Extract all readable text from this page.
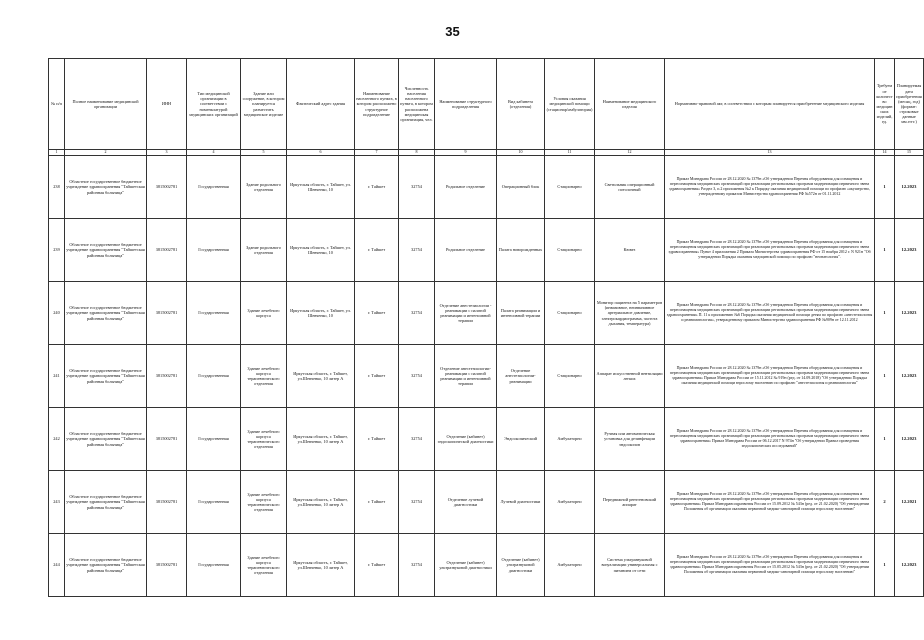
35
№ п/п	Полное наименование медицинской организации	ИНН	Тип медицинской организации в соответствии с номенклатурой медицинских организаций	Здание или сооружение, в котором планируется разместить медицинское изделие	Фактический адрес здания	Наименование населенного пункта, в котором расположено структурное подразделение	Численность населения населенного пункта, в котором расположена медицинская организация, чел.	Наименование структурного подразделения	Вид кабинета (отделения)	Условия оказания медицинской помощи (стационар/амбулатория)	Наименование медицинского изделия	Нормативно-правовой акт, в соответствии с которым планируется приобретение медицинского изделия	Требуемое количество медицинских изделий, ед.	Планируемая дата приобретения (месяц, год) (формат: строковые данные мм.гггг.)
1	2	3	4	5	6	7	8	9	10	11	12	13	14	15
238	Областное государственное бюджетное учреждение здравоохранения "Тайшетская районная больница"	3815002781	Государственная	Здание родильного отделения	Иркутская область, г. Тайшет, ул. Шевченко, 10	г. Тайшет	32754	Родильное отделение	Операционный блок	Стационарно	Светильник операционный потолочный	Приказ Минздрава России от 28.12.2020 № 1379н «Об утверждении Перечня оборудования для оснащения и переоснащения медицинских организаций при реализации региональных программ модернизации первичного звена здравоохранения» Раздел 3, п.2 приложения №2 к Порядку оказания медицинской помощи по профилю «акушерство, утвержденному приказом Министерства здравоохранения РФ №572н от 01.11.2012	1	12.2023
239	Областное государственное бюджетное учреждение здравоохранения "Тайшетская районная больница"	3815002781	Государственная	Здание родильного отделения	Иркутская область, г. Тайшет, ул. Шевченко, 10	г. Тайшет	32754	Родильное отделение	Палата новорожденных	Стационарно	Кювез	Приказ Минздрава России от 28.12.2020 № 1379н «Об утверждении Перечня оборудования для оснащения и переоснащения медицинских организаций при реализации региональных программ модернизации первичного звена здравоохранения» Пункт 4 приложения 2 Приказа Министерства здравоохранения РФ от 15 ноября 2012 г. N 921н "Об утверждении Порядка оказания медицинской помощи по профилю "неонатология".	1	12.2023
240	Областное государственное бюджетное учреждение здравоохранения "Тайшетская районная больница"	3815002781	Государственная	Здание лечебного корпуса	Иркутская область, г. Тайшет, ул. Шевченко, 10	г. Тайшет	32754	Отделение анестезиологии - реанимации с палатой реанимации и интенсивной терапии	Палата реанимации и интенсивной терапии	Стационарно	Монитор пациента на 5 параметров (инвазивное, неинвазивное артериальное давление, электрокардиограмма, частота дыхания, температура)	Приказ Минздрава России от 28.12.2020 № 1379н «Об утверждении Перечня оборудования для оснащения и переоснащения медицинских организаций при реализации региональных программ модернизации первичного звена здравоохранения» П. 11 к приложению №6 Порядка оказания медицинской помощи детям по профилю «анестезиология и реаниматология», утвержденному приказом Министерства здравоохранения РФ №909н от 12.11.2012	1	12.2023
241	Областное государственное бюджетное учреждение здравоохранения "Тайшетская районная больница"	3815002781	Государственная	Здание лечебного корпуса терапевтического отделения	Иркутская область, г. Тайшет, ул.Шевченко, 10 литер А	г. Тайшет	32754	Отделение анестезиологии-реанимации с палатой реанимации и интенсивной терапии	Отделение анестезиологии-реанимации	Стационарно	Аппарат искусственной вентиляции легких	Приказ Минздрава России от 28.12.2020 № 1379н «Об утверждении Перечня оборудования для оснащения и переоснащения медицинских организаций при реализации региональных программ модернизации первичного звена здравоохранения» Приказ Минздрава России от 15.11.2012 № 919н (ред. от 14.09.2018) "Об утверждении Порядка оказания медицинской помощи взрослому населению по профилю "анестезиология и реаниматология"	1	12.2023
242	Областное государственное бюджетное учреждение здравоохранения "Тайшетская районная больница"	3815002781	Государственная	Здание лечебного корпуса терапевтического отделения	Иркутская область, г. Тайшет, ул.Шевченко, 10 литер А	г. Тайшет	32754	Отделение (кабинет) эндоскопической диагностики	Эндоскопический	Амбулаторно	Ручная или автоматическая установка для дезинфекции эндоскопов	Приказ Минздрава России от 28.12.2020 № 1379н «Об утверждении Перечня оборудования для оснащения и переоснащения медицинских организаций при реализации региональных программ модернизации первичного звена здравоохранения» Приказ Минздрава России от 06.12.2017 N 974н "Об утверждении Правил проведения эндоскопических исследований"	1	12.2023
243	Областное государственное бюджетное учреждение здравоохранения "Тайшетская районная больница"	3815002781	Государственная	Здание лечебного корпуса терапевтического отделения	Иркутская область, г. Тайшет, ул.Шевченко, 10 литер А	г. Тайшет	32754	Отделение лучевой диагностики	Лучевой диагностики	Амбулаторно	Передвижной рентгеновский аппарат	Приказ Минздрава России от 28.12.2020 № 1379н «Об утверждении Перечня оборудования для оснащения и переоснащения медицинских организаций при реализации региональных программ модернизации первичного звена здравоохранения» Приказ Минздравсоцразвития России от 15.09.2012 № 543н (ред. от 21.02.2020) "Об утверждении Положения об организации оказания первичной медико-санитарной помощи взрослому населению"	2	12.2021
244	Областное государственное бюджетное учреждение здравоохранения "Тайшетская районная больница"	3815002781	Государственная	Здание лечебного корпуса терапевтического отделения	Иркутская область, г. Тайшет, ул.Шевченко, 10 литер А	г. Тайшет	32754	Отделение (кабинет) ультразвуковой диагностики	Отделение (кабинет) ультразвуковой диагностики	Амбулаторно	Система ультразвуковой визуализации универсальная с питанием от сети	Приказ Минздрава России от 28.12.2020 № 1379н «Об утверждении Перечня оборудования для оснащения и переоснащения медицинских организаций при реализации региональных программ модернизации первичного звена здравоохранения» Приказ Минздравсоцразвития России от 15.05.2012 № 543н (ред. от 21.02.2020) "Об утверждении Положения об организации оказания первичной медико-санитарной помощи взрослому населению"	1	12.2023
